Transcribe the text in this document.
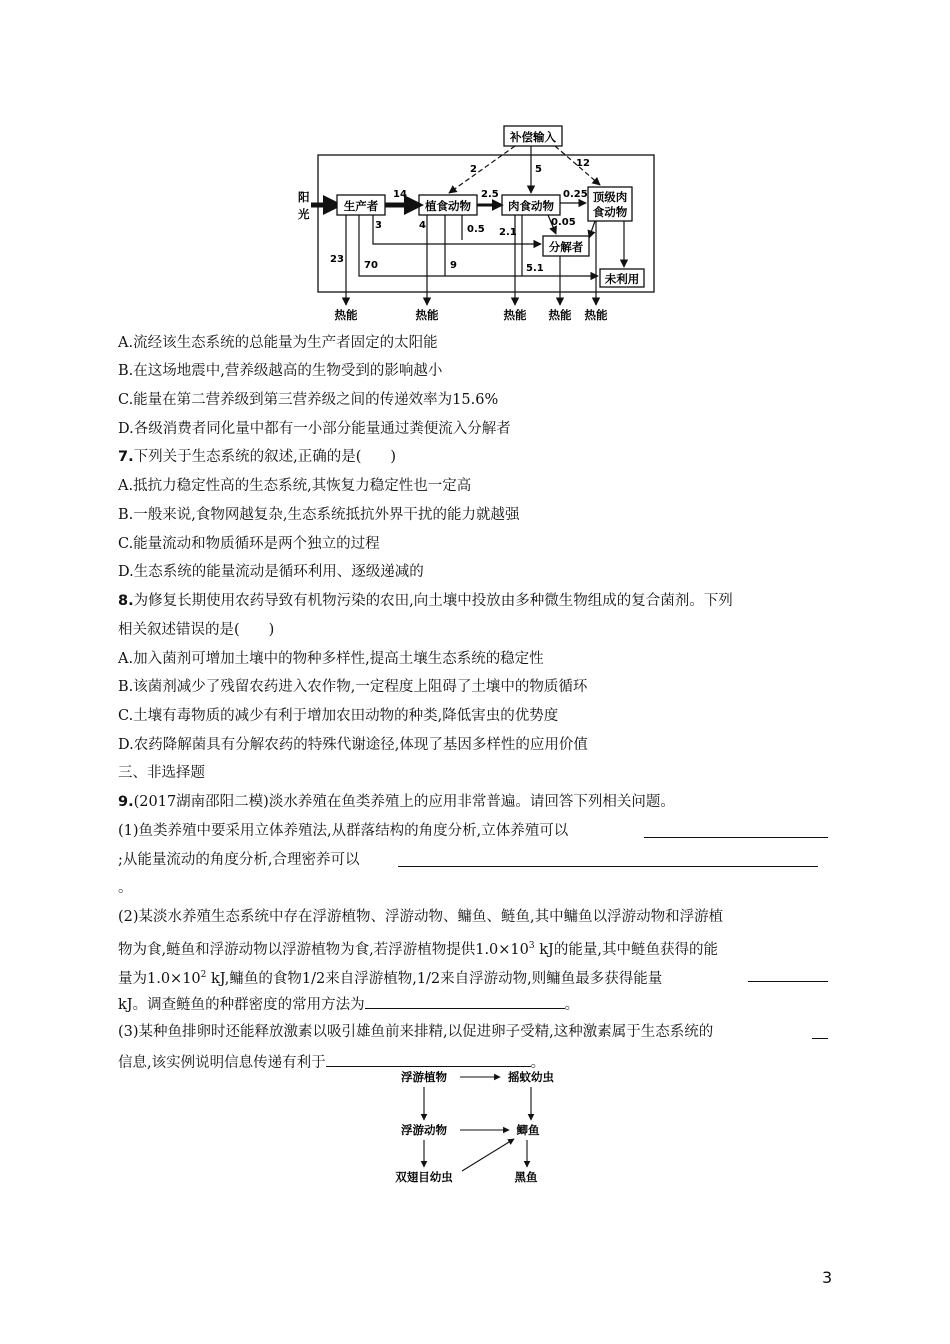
补偿输入
阳
光
生产者	植食动物	肉食动物
顶级肉
食动物
分解者
未利用
14	2.5	0.25
2	5
12
3	4	0.5 2.1
0.05
23
70	9	5.1
热能	热能	热能 热能 热能
A.流经该生态系统的总能量为生产者固定的太阳能
B.在这场地震中,营养级越高的生物受到的影响越小
C.能量在第二营养级到第三营养级之间的传递效率为15.6%
D.各级消费者同化量中都有一小部分能量通过粪便流入分解者
7.下列关于生态系统的叙述,正确的是(　　)
A.抵抗力稳定性高的生态系统,其恢复力稳定性也一定高
B.一般来说,食物网越复杂,生态系统抵抗外界干扰的能力就越强
C.能量流动和物质循环是两个独立的过程
D.生态系统的能量流动是循环利用、逐级递减的
8.为修复长期使用农药导致有机物污染的农田,向土壤中投放由多种微生物组成的复合菌剂。下列
相关叙述错误的是(　　)
A.加入菌剂可增加土壤中的物种多样性,提高土壤生态系统的稳定性
B.该菌剂减少了残留农药进入农作物,一定程度上阻碍了土壤中的物质循环
C.土壤有毒物质的减少有利于增加农田动物的种类,降低害虫的优势度
D.农药降解菌具有分解农药的特殊代谢途径,体现了基因多样性的应用价值
三、非选择题
9.(2017湖南邵阳二模)淡水养殖在鱼类养殖上的应用非常普遍。请回答下列相关问题。
(1)鱼类养殖中要采用立体养殖法,从群落结构的角度分析,立体养殖可以
;从能量流动的角度分析,合理密养可以
。
(2)某淡水养殖生态系统中存在浮游植物、浮游动物、鳙鱼、鲢鱼,其中鳙鱼以浮游动物和浮游植
物为食,鲢鱼和浮游动物以浮游植物为食,若浮游植物提供$1.0\times 10^3$ kJ的能量,其中鲢鱼获得的能
量为$1.0\times 10^2$ kJ,鳙鱼的食物1/2来自浮游植物,1/2来自浮游动物,则鳙鱼最多获得能量
kJ。调查鲢鱼的种群密度的常用方法为	。
(3)某种鱼排卵时还能释放激素以吸引雄鱼前来排精,以促进卵子受精,这种激素属于生态系统的
信息,该实例说明信息传递有利于	。
浮游植物	摇蚊幼虫
浮游动物	鲫鱼
双翅目幼虫	黑鱼
3
